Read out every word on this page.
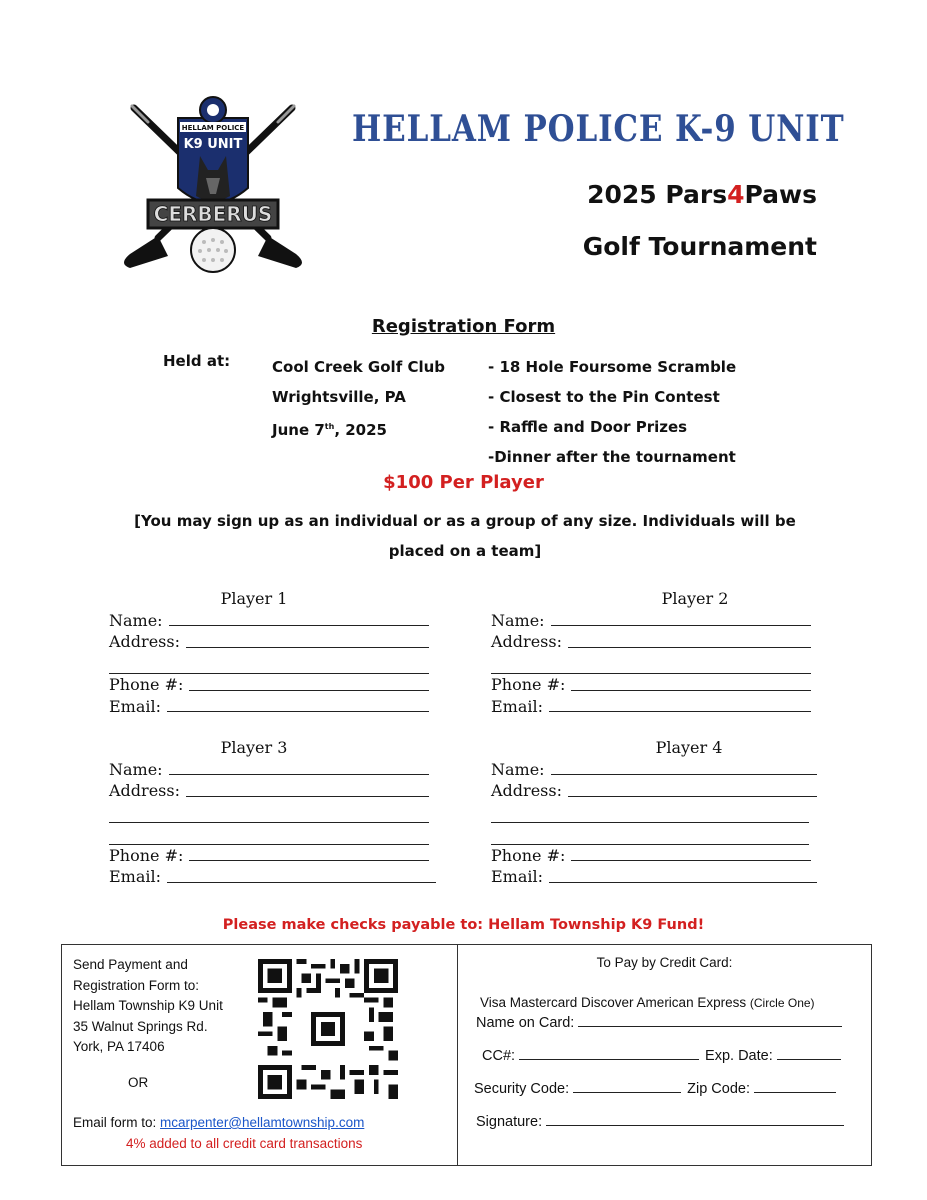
HELLAM POLICE
K9 UNIT
CERBERUS
HELLAM POLICE K-9 UNIT
2025 Pars4Paws
Golf Tournament
Registration Form
Held at:	Cool Creek Golf Club
Wrightsville, PA
June 7th, 2025
- 18 Hole Foursome Scramble
- Closest to the Pin Contest
- Raffle and Door Prizes
-Dinner after the tournament
$100 Per Player
[You may sign up as an individual or as a group of any size. Individuals will be placed on a team]
Player 1
Name:
Address:
Phone #:
Email:
Player 2
Name:
Address:
Phone #:
Email:
Player 3
Name:
Address:
Phone #:
Email:
Player 4
Name:
Address:
Phone #:
Email:
Please make checks payable to: Hellam Township K9 Fund!
Send Payment and
Registration Form to:
Hellam Township K9 Unit
35 Walnut Springs Rd.
York, PA 17406
OR
Email form to: mcarpenter@hellamtownship.com
4% added to all credit card transactions
To Pay by Credit Card:
Visa Mastercard Discover American Express (Circle One)
Name on Card:
CC#:	Exp. Date:
Security Code:	Zip Code:
Signature:
